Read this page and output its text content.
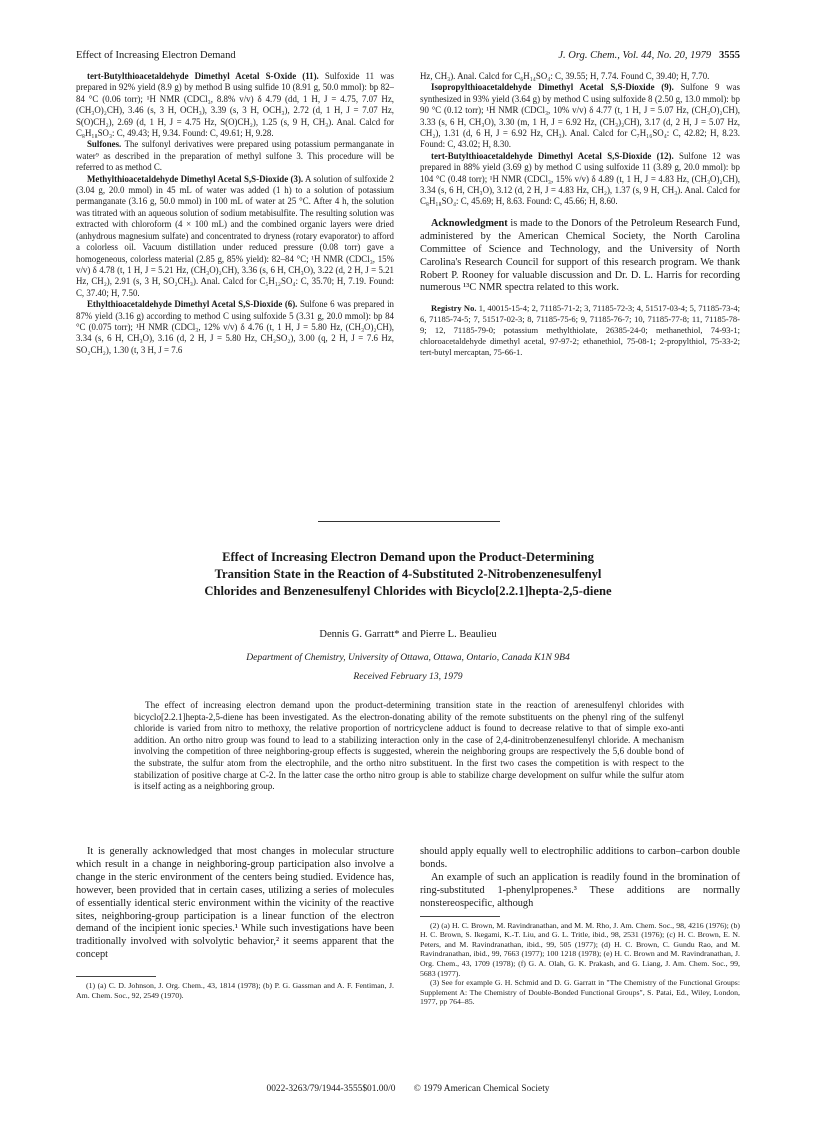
Effect of Increasing Electron Demand	J. Org. Chem., Vol. 44, No. 20, 1979 3555

tert-Butylthioacetaldehyde Dimethyl Acetal S-Oxide (11). Sulfoxide 11 was prepared in 92% yield (8.9 g) by method B using sulfide 10 (8.91 g, 50.0 mmol): bp 82–84 °C (0.06 torr); ¹H NMR (CDCl₃, 8.8% v/v) δ 4.79 (dd, 1 H, J = 4.75, 7.07 Hz, (CH₃O)₂CH), 3.46 (s, 3 H, OCH₃), 3.39 (s, 3 H, OCH₃), 2.72 (d, 1 H, J = 7.07 Hz, S(O)CH₂), 2.69 (d, 1 H, J = 4.75 Hz, S(O)CH₂), 1.25 (s, 9 H, CH₃). Anal. Calcd for C₈H₁₈SO₃: C, 49.43; H, 9.34. Found: C, 49.61; H, 9.28.

Sulfones. The sulfonyl derivatives were prepared using potassium permanganate in water⁹ as described in the preparation of methyl sulfone 3. This procedure will be referred to as method C.

Methylthioacetaldehyde Dimethyl Acetal S,S-Dioxide (3). A solution of sulfoxide 2 (3.04 g, 20.0 mmol) in 45 mL of water was added (1 h) to a solution of potassium permanganate (3.16 g, 50.0 mmol) in 100 mL of water at 25 °C. After 4 h, the solution was titrated with an aqueous solution of sodium metabisulfite. The resulting solution was extracted with chloroform (4 × 100 mL) and the combined organic layers were dried (anhydrous magnesium sulfate) and concentrated to dryness (rotary evaporator) to afford a colorless oil. Vacuum distillation under reduced pressure (0.08 torr) gave a homogeneous, colorless material (2.85 g, 85% yield): 82–84 °C; ¹H NMR (CDCl₃, 15% v/v) δ 4.78 (t, 1 H, J = 5.21 Hz, (CH₃O)₂CH), 3.36 (s, 6 H, CH₃O), 3.22 (d, 2 H, J = 5.21 Hz, CH₂), 2.91 (s, 3 H, SO₂CH₃). Anal. Calcd for C₅H₁₂SO₄: C, 35.70; H, 7.19. Found: C, 37.40; H, 7.50.

Ethylthioacetaldehyde Dimethyl Acetal S,S-Dioxide (6). Sulfone 6 was prepared in 87% yield (3.16 g) according to method C using sulfoxide 5 (3.31 g, 20.0 mmol): bp 84 °C (0.075 torr); ¹H NMR (CDCl₃, 12% v/v) δ 4.76 (t, 1 H, J = 5.80 Hz, (CH₃O)₂CH), 3.34 (s, 6 H, CH₃O), 3.16 (d, 2 H, J = 5.80 Hz, CH₂SO₂), 3.00 (q, 2 H, J = 7.6 Hz, SO₂CH₂), 1.30 (t, 3 H, J = 7.6

Hz, CH₃). Anal. Calcd for C₆H₁₄SO₄: C, 39.55; H, 7.74. Found C, 39.40; H, 7.70.

Isopropylthioacetaldehyde Dimethyl Acetal S,S-Dioxide (9). Sulfone 9 was synthesized in 93% yield (3.64 g) by method C using sulfoxide 8 (2.50 g, 13.0 mmol): bp 90 °C (0.12 torr); ¹H NMR (CDCl₃, 10% v/v) δ 4.77 (t, 1 H, J = 5.07 Hz, (CH₃O)₂CH), 3.33 (s, 6 H, CH₃O), 3.30 (m, 1 H, J = 6.92 Hz, (CH₃)₂CH), 3.17 (d, 2 H, J = 5.07 Hz, CH₂), 1.31 (d, 6 H, J = 6.92 Hz, CH₃). Anal. Calcd for C₇H₁₆SO₄: C, 42.82; H, 8.23. Found: C, 43.02; H, 8.30.

tert-Butylthioacetaldehyde Dimethyl Acetal S,S-Dioxide (12). Sulfone 12 was prepared in 88% yield (3.69 g) by method C using sulfoxide 11 (3.89 g, 20.0 mmol): bp 104 °C (0.48 torr); ¹H NMR (CDCl₃, 15% v/v) δ 4.89 (t, 1 H, J = 4.83 Hz, (CH₃O)₂CH), 3.34 (s, 6 H, CH₃O), 3.12 (d, 2 H, J = 4.83 Hz, CH₂), 1.37 (s, 9 H, CH₃). Anal. Calcd for C₈H₁₈SO₄: C, 45.69; H, 8.63. Found: C, 45.66; H, 8.60.

Acknowledgment is made to the Donors of the Petroleum Research Fund, administered by the American Chemical Society, the North Carolina Committee of Science and Technology, and the University of North Carolina's Research Council for support of this research program. We thank Robert P. Rooney for valuable discussion and Dr. D. L. Harris for recording numerous ¹³C NMR spectra related to this work.

Registry No. 1, 40015-15-4; 2, 71185-71-2; 3, 71185-72-3; 4, 51517-03-4; 5, 71185-73-4; 6, 71185-74-5; 7, 51517-02-3; 8, 71185-75-6; 9, 71185-76-7; 10, 71185-77-8; 11, 71185-78-9; 12, 71185-79-0; potassium methylthiolate, 26385-24-0; methanethiol, 74-93-1; chloroacetaldehyde dimethyl acetal, 97-97-2; ethanethiol, 75-08-1; 2-propylthiol, 75-33-2; tert-butyl mercaptan, 75-66-1.

Effect of Increasing Electron Demand upon the Product-Determining
Transition State in the Reaction of 4-Substituted 2-Nitrobenzenesulfenyl
Chlorides and Benzenesulfenyl Chlorides with Bicyclo[2.2.1]hepta-2,5-diene
Dennis G. Garratt* and Pierre L. Beaulieu
Department of Chemistry, University of Ottawa, Ottawa, Ontario, Canada K1N 9B4
Received February 13, 1979

The effect of increasing electron demand upon the product-determining transition state in the reaction of arenesulfenyl chlorides with bicyclo[2.2.1]hepta-2,5-diene has been investigated. As the electron-donating ability of the remote substituents on the phenyl ring of the sulfenyl chloride is varied from nitro to methoxy, the relative proportion of nortricyclene adduct is found to decrease relative to that of simple exo-anti addition. An ortho nitro group was found to lead to a stabilizing interaction only in the case of 2,4-dinitrobenzenesulfenyl chloride. A mechanism involving the competition of three neighboring-group effects is suggested, wherein the neighboring groups are respectively the 5,6 double bond of the substrate, the sulfur atom from the electrophile, and the ortho nitro substituent. In the first two cases the competition is with respect to the stabilization of positive charge at C-2. In the latter case the ortho nitro group is able to stabilize charge development on sulfur while the sulfur atom is itself acting as a neighboring group.

It is generally acknowledged that most changes in molecular structure which result in a change in neighboring-group participation also involve a change in the steric environment of the centers being studied. Evidence has, however, been provided that in certain cases, utilizing a series of molecules of essentially identical steric environment within the vicinity of the reactive sites, neighboring-group participation is a linear function of the electron demand of the incipient ionic species.¹ While such investigations have been traditionally involved with solvolytic behavior,² it seems apparent that the concept

(1) (a) C. D. Johnson, J. Org. Chem., 43, 1814 (1978); (b) P. G. Gassman and A. F. Fentiman, J. Am. Chem. Soc., 92, 2549 (1970).

should apply equally well to electrophilic additions to carbon–carbon double bonds.

An example of such an application is readily found in the bromination of ring-substituted 1-phenylpropenes.³ These additions are normally nonstereospecific, although

(2) (a) H. C. Brown, M. Ravindranathan, and M. M. Rho, J. Am. Chem. Soc., 98, 4216 (1976); (b) H. C. Brown, S. Ikegami, K.-T. Liu, and G. L. Tritle, ibid., 98, 2531 (1976); (c) H. C. Brown, E. N. Peters, and M. Ravindranathan, ibid., 99, 505 (1977); (d) H. C. Brown, C. Gundu Rao, and M. Ravindranathan, ibid., 99, 7663 (1977); 100 1218 (1978); (e) H. C. Brown and M. Ravindranathan, J. Org. Chem., 43, 1709 (1978); (f) G. A. Olah, G. K. Prakash, and G. Liang, J. Am. Chem. Soc., 99, 5683 (1977).

(3) See for example G. H. Schmid and D. G. Garratt in "The Chemistry of the Functional Groups: Supplement A: The Chemistry of Double-Bonded Functional Groups", S. Patai, Ed., Wiley, London, 1977, pp 764–85.

0022-3263/79/1944-3555$01.00/0 © 1979 American Chemical Society
